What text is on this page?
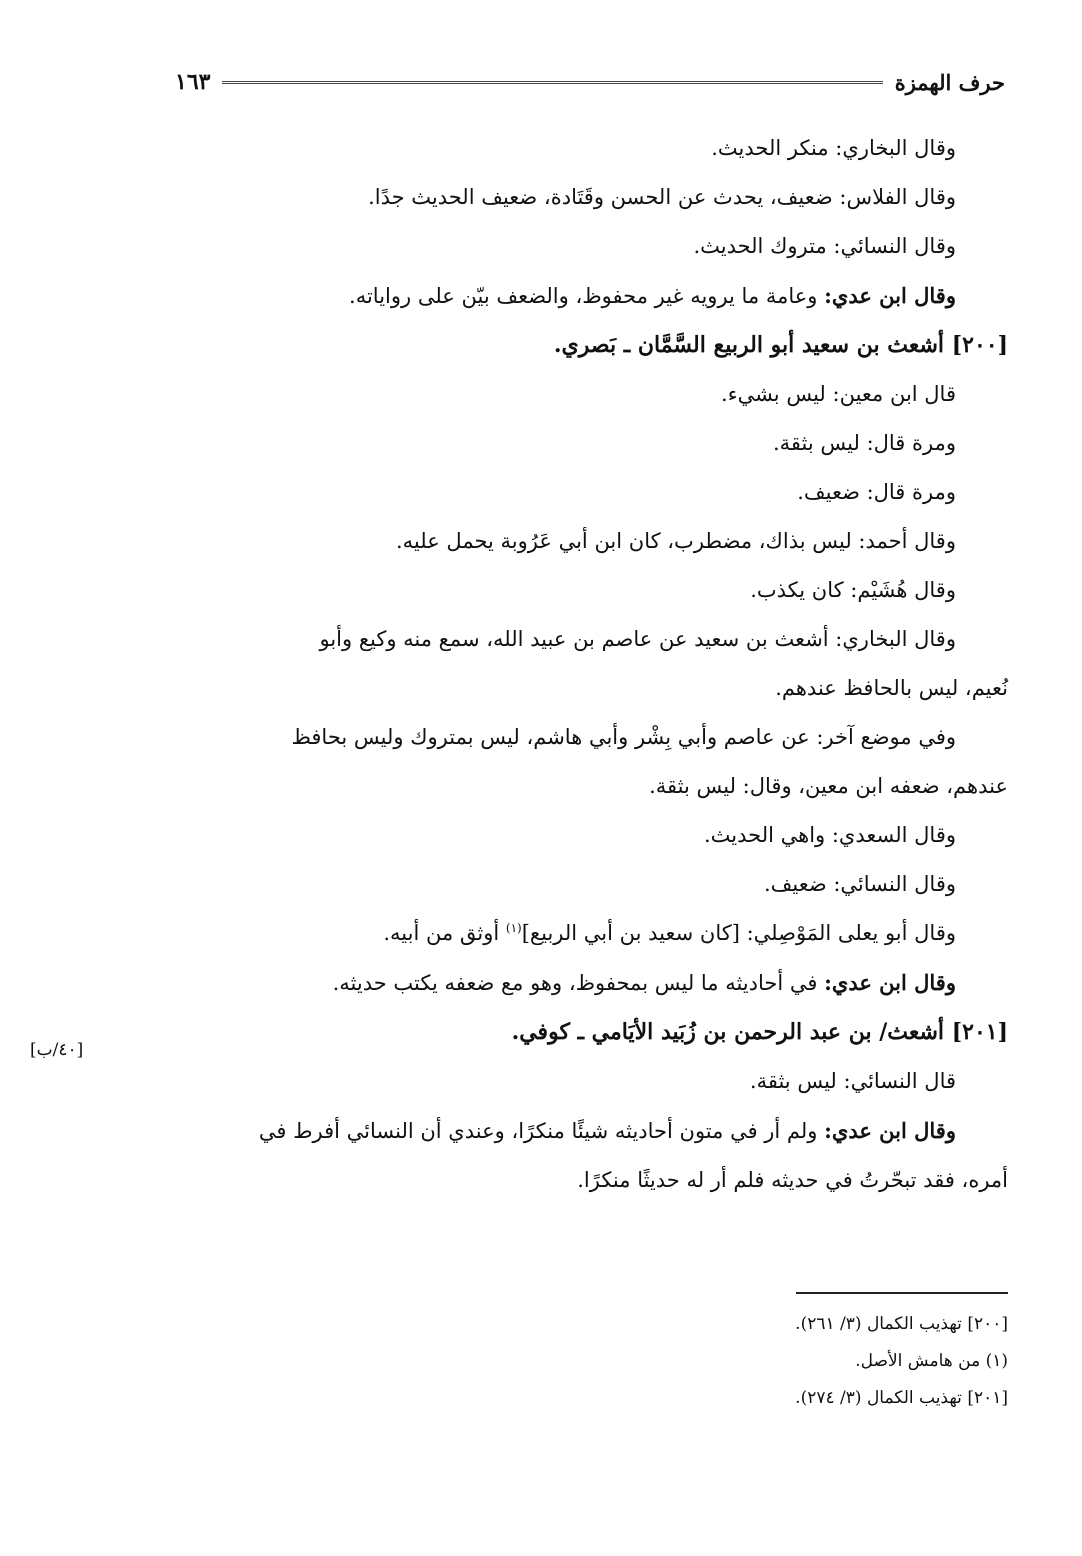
حرف الهمزة
١٦٣
[٤٠/ب]
وقال البخاري: منكر الحديث.
وقال الفلاس: ضعيف، يحدث عن الحسن وقَتَادة، ضعيف الحديث جدًا.
وقال النسائي: متروك الحديث.
وقال ابن عدي: وعامة ما يرويه غير محفوظ، والضعف بيّن على رواياته.
[٢٠٠] أشعث بن سعيد أبو الربيع السَّمَّان ـ بَصري.
قال ابن معين: ليس بشيء.
ومرة قال: ليس بثقة.
ومرة قال: ضعيف.
وقال أحمد: ليس بذاك، مضطرب، كان ابن أبي عَرُوبة يحمل عليه.
وقال هُشَيْم: كان يكذب.
وقال البخاري: أشعث بن سعيد عن عاصم بن عبيد الله، سمع منه وكيع وأبو
نُعيم، ليس بالحافظ عندهم.
وفي موضع آخر: عن عاصم وأبي بِشْر وأبي هاشم، ليس بمتروك وليس بحافظ
عندهم، ضعفه ابن معين، وقال: ليس بثقة.
وقال السعدي: واهي الحديث.
وقال النسائي: ضعيف.
وقال أبو يعلى المَوْصِلي: [كان سعيد بن أبي الربيع]$^{(١)}$ أوثق من أبيه.
وقال ابن عدي: في أحاديثه ما ليس بمحفوظ، وهو مع ضعفه يكتب حديثه.
[٢٠١] أشعث/ بن عبد الرحمن بن زُبَيد الأيَامي ـ كوفي.
قال النسائي: ليس بثقة.
وقال ابن عدي: ولم أر في متون أحاديثه شيئًا منكرًا، وعندي أن النسائي أفرط في
أمره، فقد تبحّرتُ في حديثه فلم أر له حديثًا منكرًا.
[٢٠٠] تهذيب الكمال (٣/ ٢٦١).
(١) من هامش الأصل.
[٢٠١] تهذيب الكمال (٣/ ٢٧٤).
